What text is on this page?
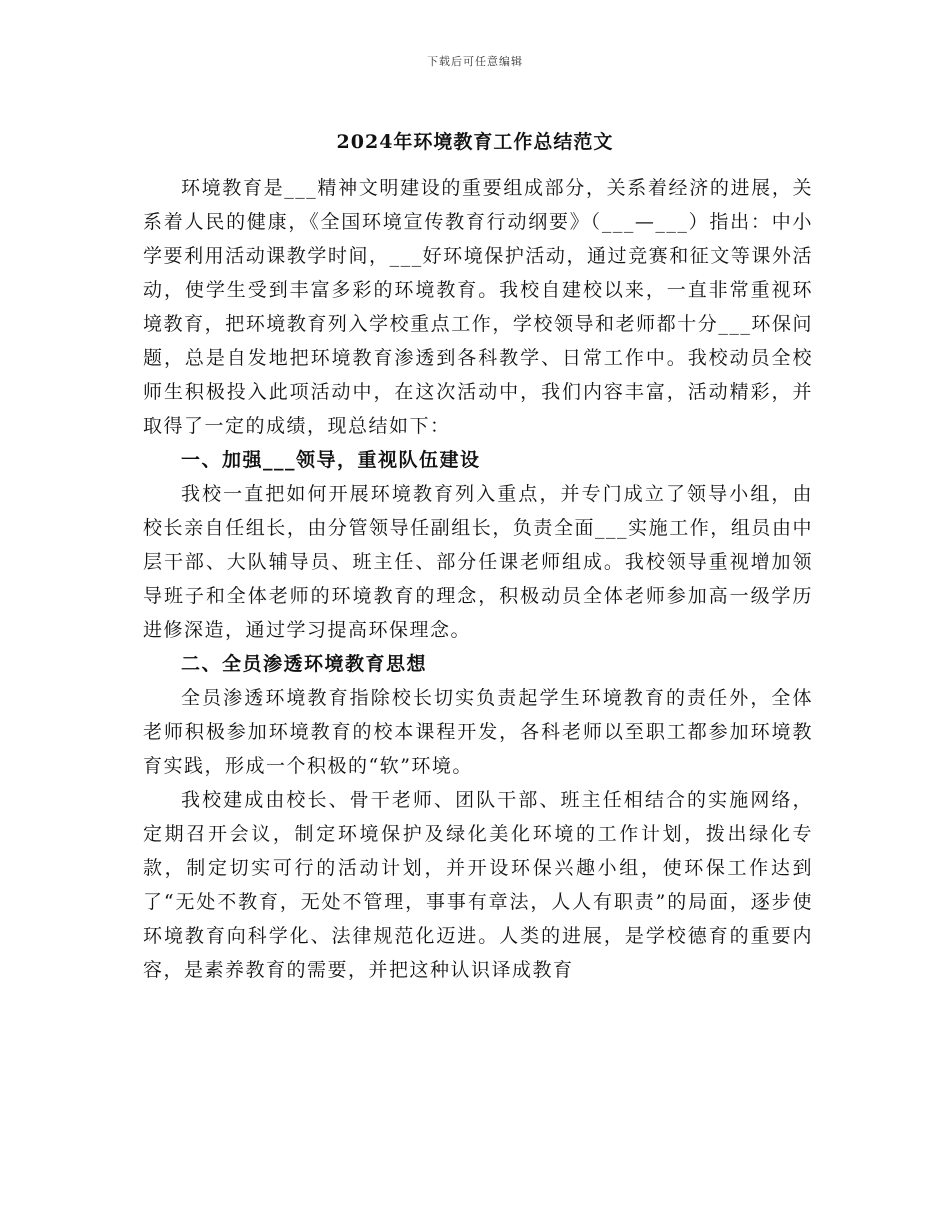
下载后可任意编辑
2024年环境教育工作总结范文

环境教育是___精神文明建设的重要组成部分，关系着经济的进展，关系着人民的健康，《全国环境宣传教育行动纲要》（___—___）指出：中小学要利用活动课教学时间，___好环境保护活动，通过竞赛和征文等课外活动，使学生受到丰富多彩的环境教育。我校自建校以来，一直非常重视环境教育，把环境教育列入学校重点工作，学校领导和老师都十分___环保问题，总是自发地把环境教育渗透到各科教学、日常工作中。我校动员全校师生积极投入此项活动中，在这次活动中，我们内容丰富，活动精彩，并取得了一定的成绩，现总结如下：

一、加强___领导，重视队伍建设

我校一直把如何开展环境教育列入重点，并专门成立了领导小组，由校长亲自任组长，由分管领导任副组长，负责全面___实施工作，组员由中层干部、大队辅导员、班主任、部分任课老师组成。我校领导重视增加领导班子和全体老师的环境教育的理念，积极动员全体老师参加高一级学历进修深造，通过学习提高环保理念。

二、全员渗透环境教育思想

全员渗透环境教育指除校长切实负责起学生环境教育的责任外，全体老师积极参加环境教育的校本课程开发，各科老师以至职工都参加环境教育实践，形成一个积极的“软”环境。

我校建成由校长、骨干老师、团队干部、班主任相结合的实施网络，定期召开会议，制定环境保护及绿化美化环境的工作计划，拨出绿化专款，制定切实可行的活动计划，并开设环保兴趣小组，使环保工作达到了“无处不教育，无处不管理，事事有章法，人人有职责”的局面，逐步使环境教育向科学化、法律规范化迈进。人类的进展，是学校德育的重要内容，是素养教育的需要，并把这种认识译成教育
